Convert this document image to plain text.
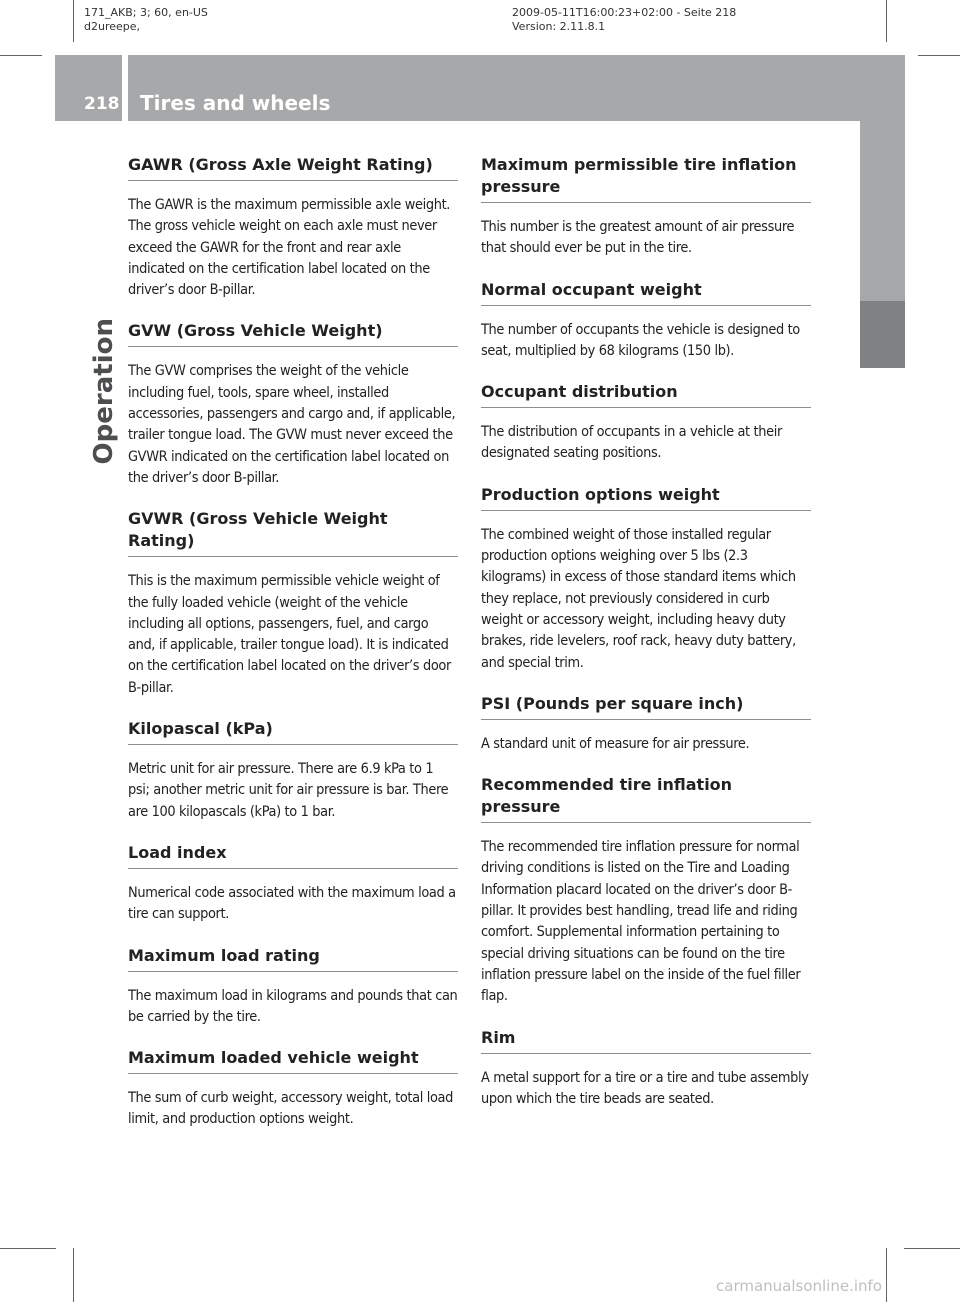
171_AKB; 3; 60, en-US
d2ureepe,
2009-05-11T16:00:23+02:00 - Seite 218
Version: 2.11.8.1
218 Tires and wheels
Operation
GAWR (Gross Axle Weight Rating)

The GAWR is the maximum permissible axle weight. The gross vehicle weight on each axle must never exceed the GAWR for the front and rear axle indicated on the certification label located on the driver’s door B-pillar.

GVW (Gross Vehicle Weight)

The GVW comprises the weight of the vehicle including fuel, tools, spare wheel, installed accessories, passengers and cargo and, if applicable, trailer tongue load. The GVW must never exceed the GVWR indicated on the certification label located on the driver’s door B-pillar.

GVWR (Gross Vehicle Weight Rating)

This is the maximum permissible vehicle weight of the fully loaded vehicle (weight of the vehicle including all options, passengers, fuel, and cargo and, if applicable, trailer tongue load). It is indicated on the certification label located on the driver’s door B-pillar.

Kilopascal (kPa)

Metric unit for air pressure. There are 6.9 kPa to 1 psi; another metric unit for air pressure is bar. There are 100 kilopascals (kPa) to 1 bar.

Load index

Numerical code associated with the maximum load a tire can support.

Maximum load rating

The maximum load in kilograms and pounds that can be carried by the tire.

Maximum loaded vehicle weight

The sum of curb weight, accessory weight, total load limit, and production options weight.

Maximum permissible tire inflation pressure

This number is the greatest amount of air pressure that should ever be put in the tire.

Normal occupant weight

The number of occupants the vehicle is designed to seat, multiplied by 68 kilograms (150 lb).

Occupant distribution

The distribution of occupants in a vehicle at their designated seating positions.

Production options weight

The combined weight of those installed regular production options weighing over 5 lbs (2.3 kilograms) in excess of those standard items which they replace, not previously considered in curb weight or accessory weight, including heavy duty brakes, ride levelers, roof rack, heavy duty battery, and special trim.

PSI (Pounds per square inch)

A standard unit of measure for air pressure.

Recommended tire inflation pressure

The recommended tire inflation pressure for normal driving conditions is listed on the Tire and Loading Information placard located on the driver’s door B-pillar. It provides best handling, tread life and riding comfort. Supplemental information pertaining to special driving situations can be found on the tire inflation pressure label on the inside of the fuel filler flap.

Rim

A metal support for a tire or a tire and tube assembly upon which the tire beads are seated.

carmanualsonline.info
